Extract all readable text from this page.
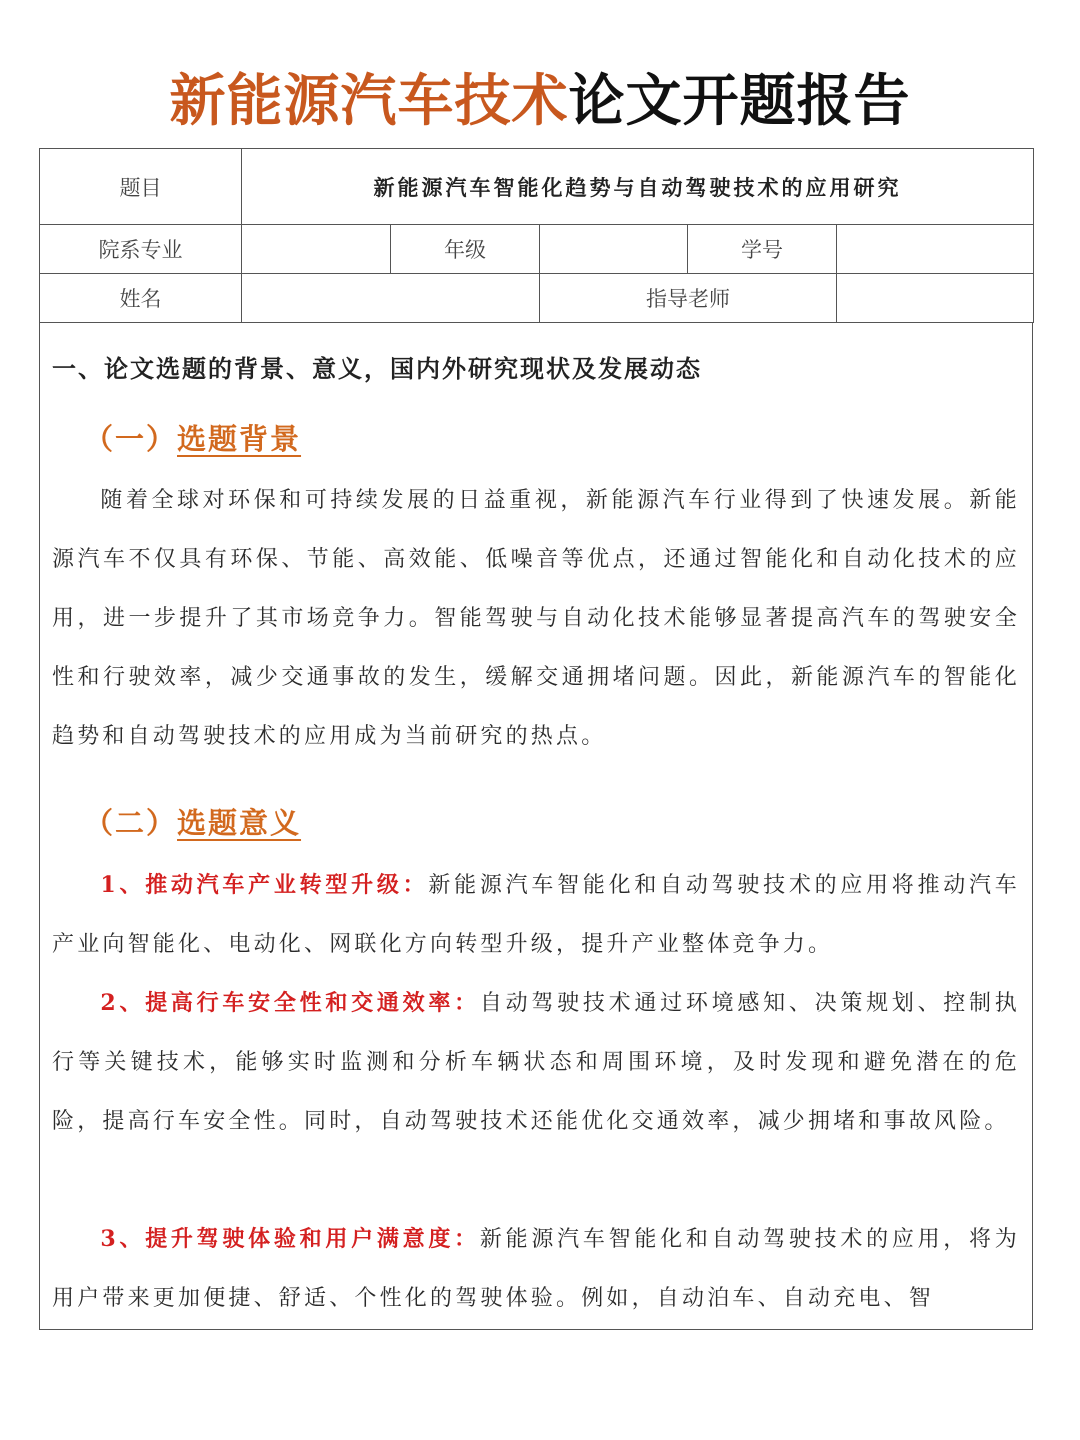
新能源汽车技术论文开题报告
题目	新能源汽车智能化趋势与自动驾驶技术的应用研究				
院系专业		年级		学号	
姓名			指导老师		
一、论文选题的背景、意义，国内外研究现状及发展动态
（一）选题背景

随着全球对环保和可持续发展的日益重视，新能源汽车行业得到了快速发展。新能源汽车不仅具有环保、节能、高效能、低噪音等优点，还通过智能化和自动化技术的应用，进一步提升了其市场竞争力。智能驾驶与自动化技术能够显著提高汽车的驾驶安全性和行驶效率，减少交通事故的发生，缓解交通拥堵问题。因此，新能源汽车的智能化趋势和自动驾驶技术的应用成为当前研究的热点。

（二）选题意义

1、推动汽车产业转型升级：新能源汽车智能化和自动驾驶技术的应用将推动汽车产业向智能化、电动化、网联化方向转型升级，提升产业整体竞争力。

2、提高行车安全性和交通效率：自动驾驶技术通过环境感知、决策规划、控制执行等关键技术，能够实时监测和分析车辆状态和周围环境，及时发现和避免潜在的危险，提高行车安全性。同时，自动驾驶技术还能优化交通效率，减少拥堵和事故风险。

3、提升驾驶体验和用户满意度：新能源汽车智能化和自动驾驶技术的应用，将为用户带来更加便捷、舒适、个性化的驾驶体验。例如，自动泊车、自动充电、智
